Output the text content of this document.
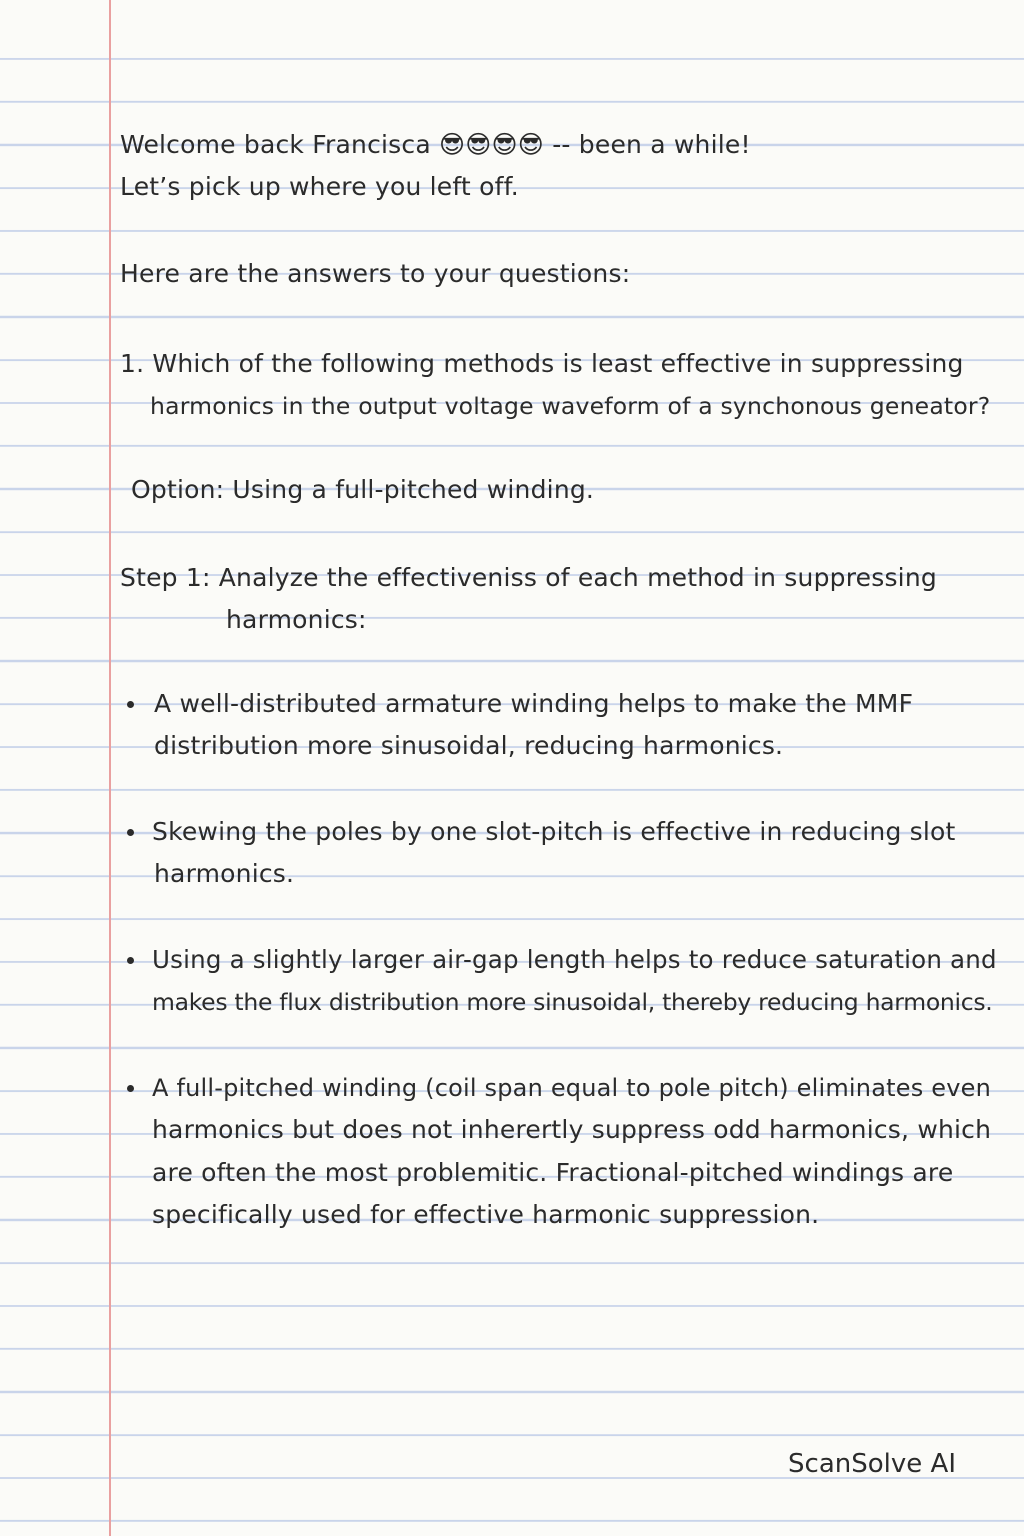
Welcome back Francisca 😎😎😎😎 -- been a while!
Let’s pick up where you left off.
Here are the answers to your questions:
1. Which of the following methods is least effective in suppressing
harmonics in the output voltage waveform of a synchonous geneator?
Option: Using a full-pitched winding.
Step 1: Analyze the effectiveniss of each method in suppressing
harmonics:
A well-distributed armature winding helps to make the MMF
distribution more sinusoidal, reducing harmonics.
Skewing the poles by one slot-pitch is effective in reducing slot
harmonics.
Using a slightly larger air-gap length helps to reduce saturation and
makes the flux distribution more sinusoidal, thereby reducing harmonics.
A full-pitched winding (coil span equal to pole pitch) eliminates even
harmonics but does not inherertly suppress odd harmonics, which
are often the most problemitic. Fractional-pitched windings are
specifically used for effective harmonic suppression.
ScanSolve AI
